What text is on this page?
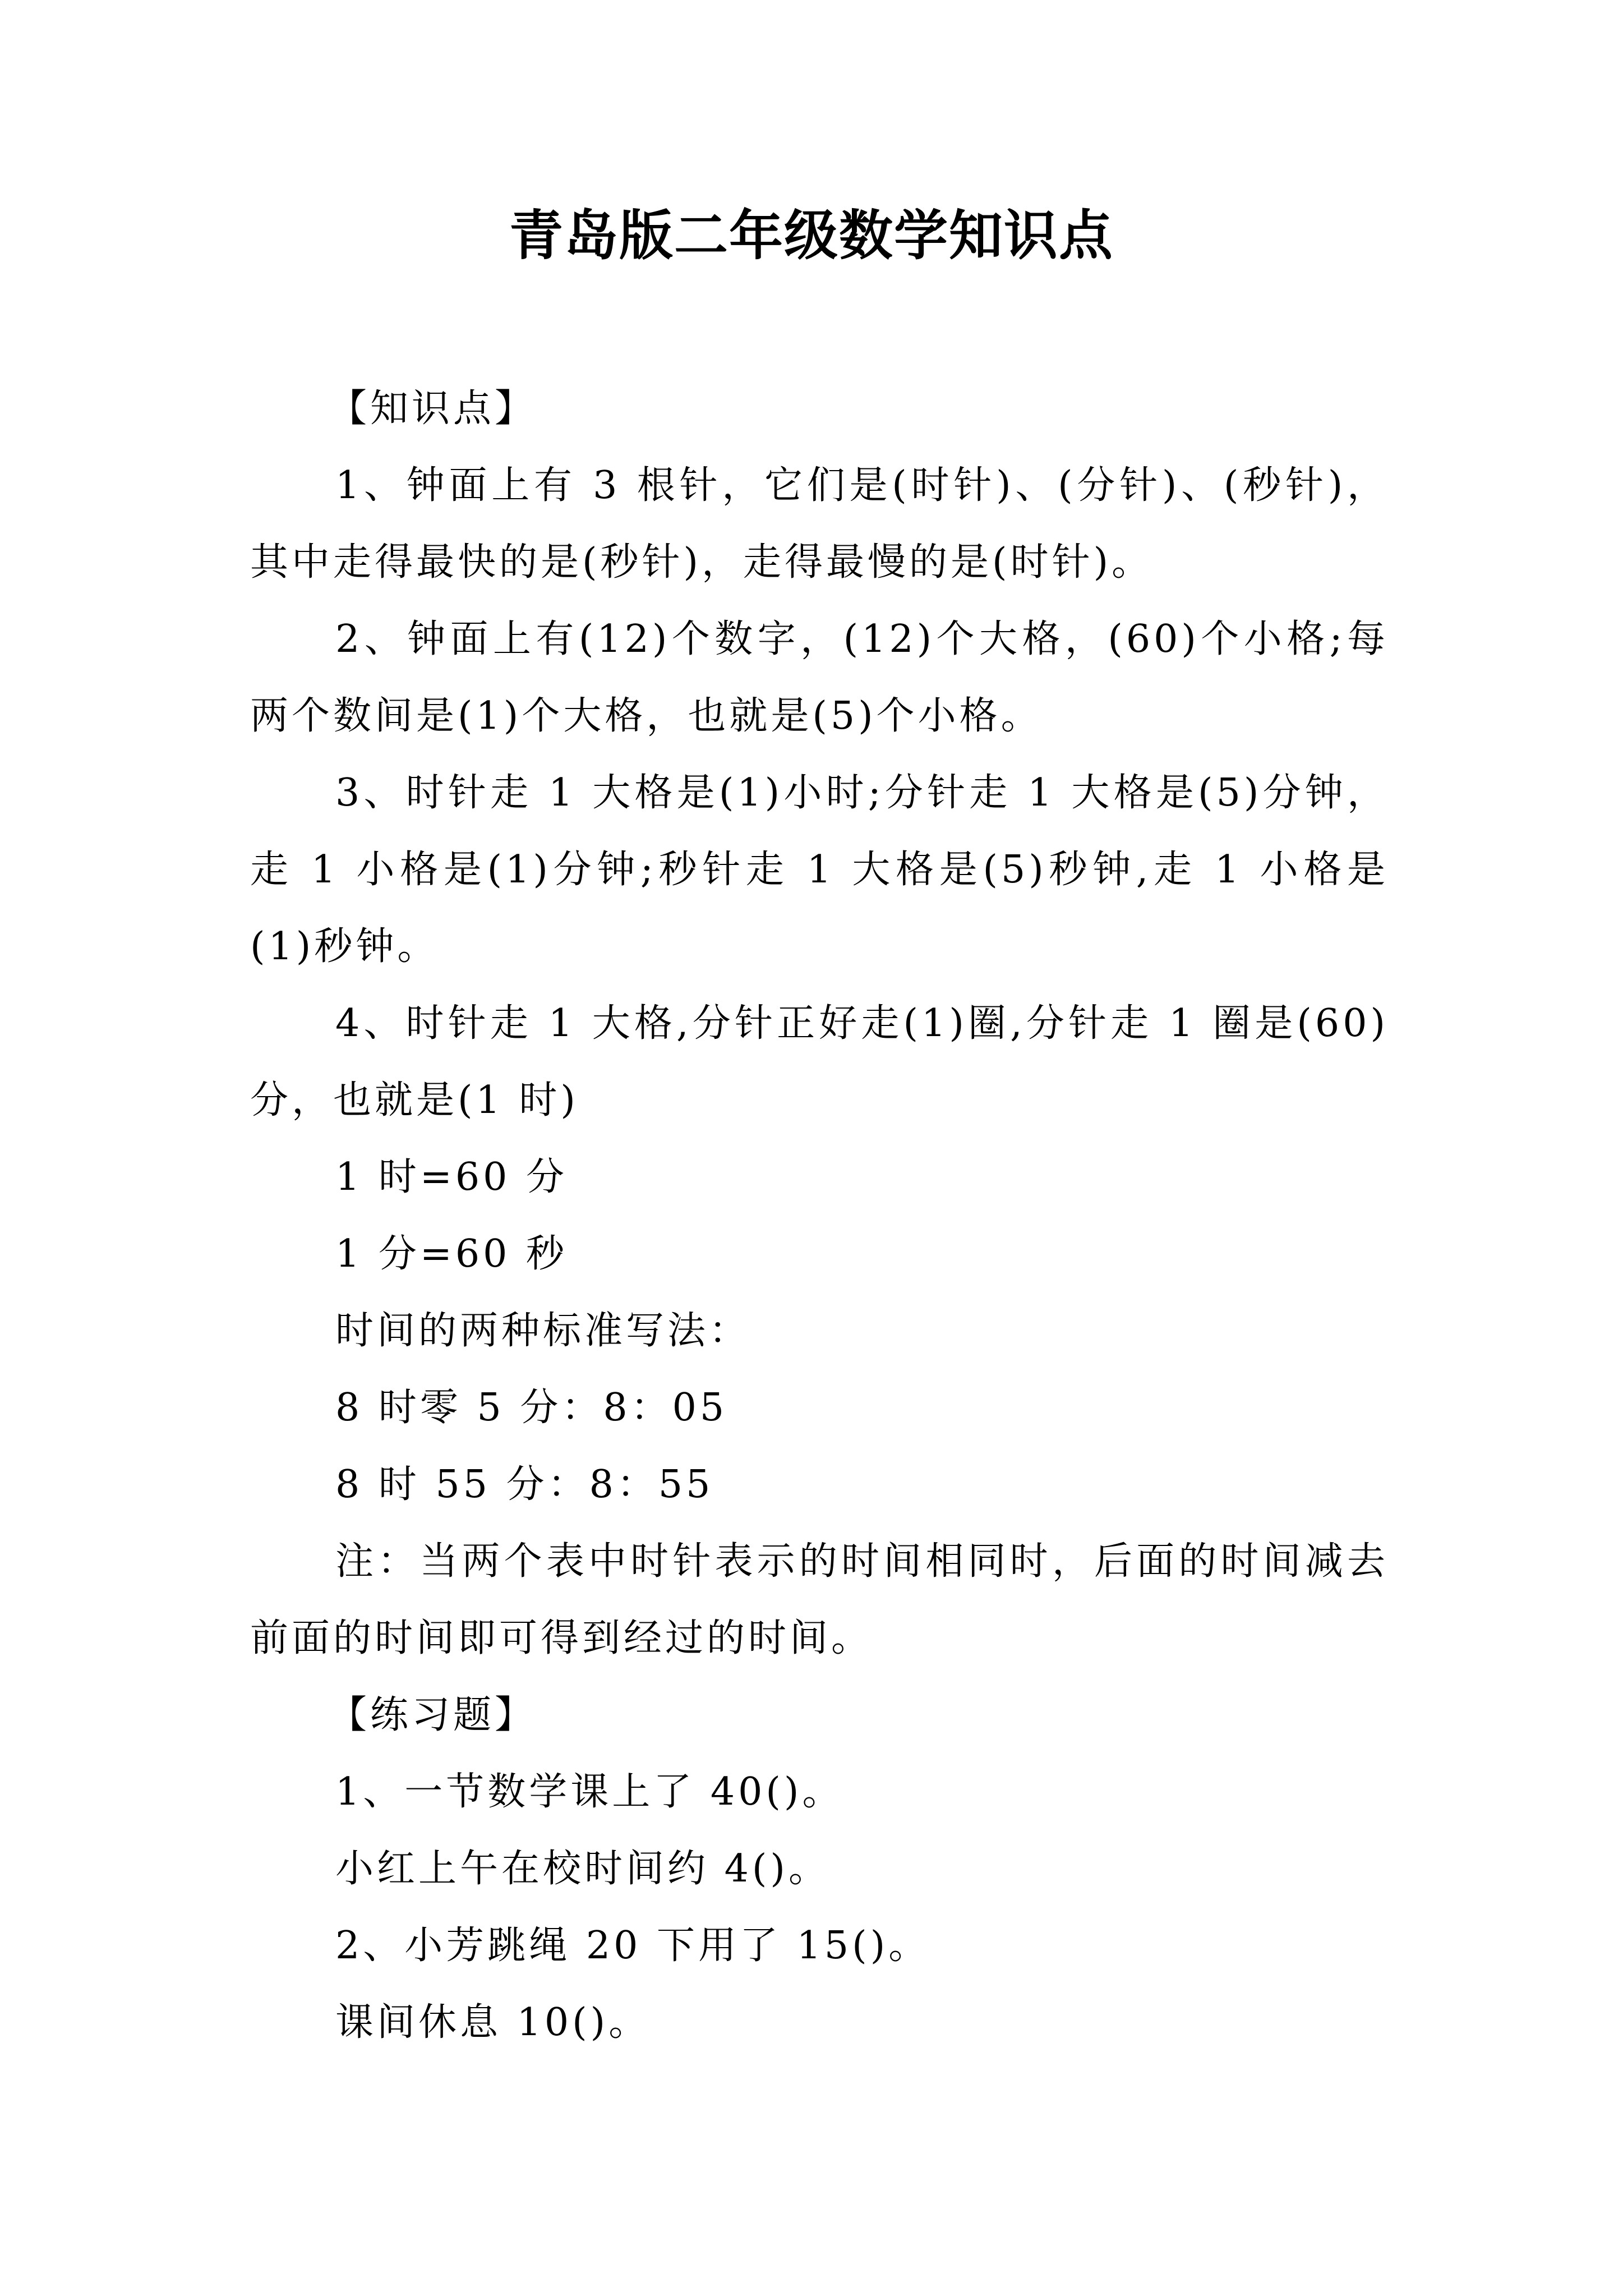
青岛版二年级数学知识点

【知识点】

1、钟面上有 3 根针，它们是(时针)、(分针)、(秒针)，其中走得最快的是(秒针)，走得最慢的是(时针)。

2、钟面上有(12)个数字，(12)个大格，(60)个小格;每两个数间是(1)个大格，也就是(5)个小格。

3、时针走 1 大格是(1)小时;分针走 1 大格是(5)分钟，走 1 小格是(1)分钟;秒针走 1 大格是(5)秒钟,走 1 小格是(1)秒钟。

4、时针走 1 大格,分针正好走(1)圈,分针走 1 圈是(60)分，也就是(1 时)

1 时=60 分

1 分=60 秒

时间的两种标准写法：

8 时零 5 分：8：05

8 时 55 分：8：55

注：当两个表中时针表示的时间相同时，后面的时间减去前面的时间即可得到经过的时间。

【练习题】

1、一节数学课上了 40()。

小红上午在校时间约 4()。

2、小芳跳绳 20 下用了 15()。

课间休息 10()。
